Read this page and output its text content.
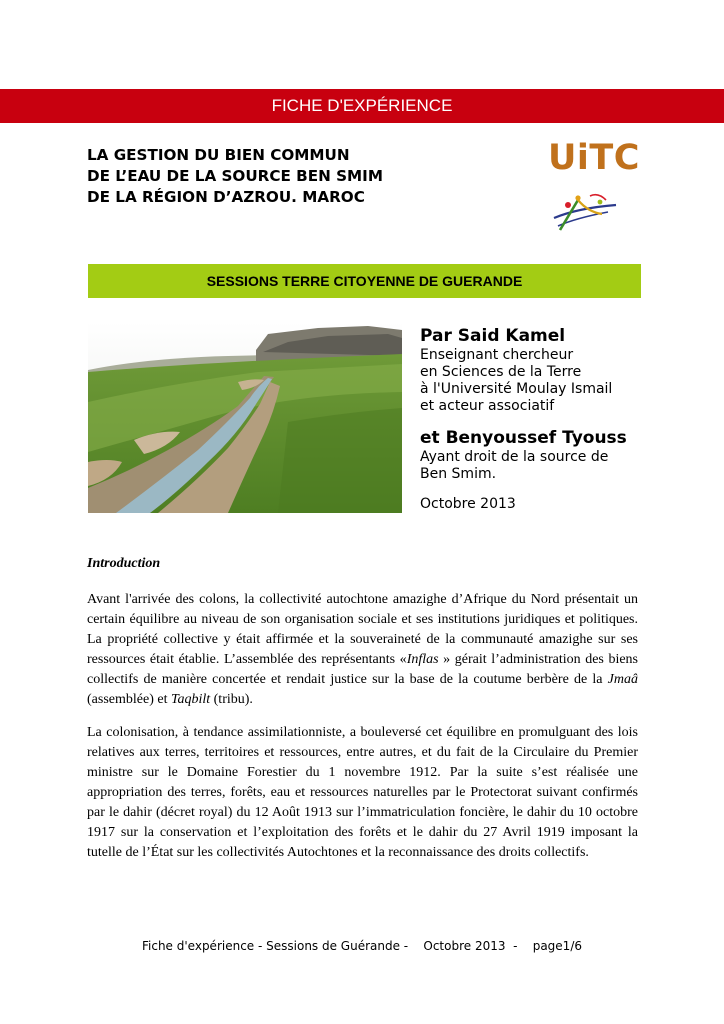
FICHE D'EXPÉRIENCE
LA GESTION DU BIEN COMMUN
DE L’EAU DE LA SOURCE BEN SMIM
DE LA RÉGION D’AZROU. MAROC
UiTC
SESSIONS TERRE CITOYENNE DE GUERANDE
Par Said Kamel
Enseignant chercheur
en Sciences de la Terre
à l'Université Moulay Ismail
et acteur associatif
et Benyoussef Tyouss
Ayant droit de la source de
Ben Smim.
Octobre 2013
Introduction
Avant l'arrivée des colons, la collectivité autochtone amazighe d’Afrique du Nord présentait un certain équilibre au niveau de son organisation sociale et ses institutions juridiques et politiques. La propriété collective y était affirmée et la souveraineté de la communauté amazighe sur ses ressources était établie. L’assemblée des représentants «Inflas » gérait l’administration des biens collectifs de manière concertée et rendait justice sur la base de la coutume berbère de la Jmaâ (assemblée) et Taqbilt (tribu).
La colonisation, à tendance assimilationniste, a bouleversé cet équilibre en promulguant des lois relatives aux terres, territoires et ressources, entre autres, et du fait de la Circulaire du Premier ministre sur le Domaine Forestier du 1 novembre 1912. Par la suite s’est réalisée une appropriation des terres, forêts, eau et ressources naturelles par le Protectorat suivant confirmés par le dahir (décret royal) du 12 Août 1913 sur l’immatriculation foncière, le dahir du 10 octobre 1917 sur la conservation et l’exploitation des forêts et le dahir du 27 Avril 1919 imposant la tutelle de l’État sur les collectivités Autochtones et la reconnaissance des droits collectifs.
Fiche d'expérience - Sessions de Guérande -    Octobre 2013  -    page1/6
